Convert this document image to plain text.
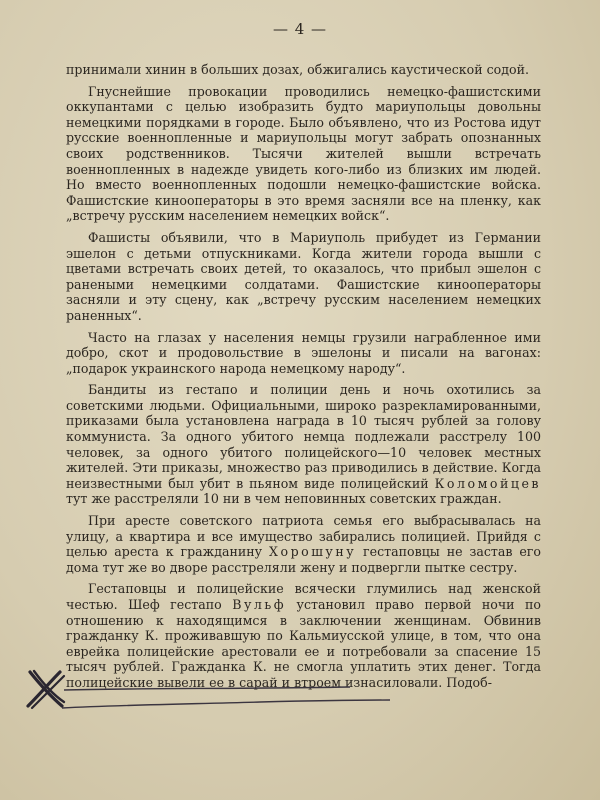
— 4 —

принимали хинин в больших дозах, обжигались каустической содой.

Гнуснейшие провокации проводились немецко-фашистскими оккупантами с целью изобразить будто мариупольцы довольны немецкими порядками в городе. Было объявлено, что из Ростова идут русские военнопленные и мариупольцы могут забрать опознанных своих родственников. Тысячи жителей вышли встречать военнопленных в надежде увидеть кого-либо из близких им людей. Но вместо военнопленных подошли немецко-фашистские войска. Фашистские кинооператоры в это время засняли все на пленку, как „встречу русским населением немецких войск“.

Фашисты объявили, что в Мариуполь прибудет из Германии эшелон с детьми отпускниками. Когда жители города вышли с цветами встречать своих детей, то оказалось, что прибыл эшелон с ранеными немецкими солдатами. Фашистские кинооператоры засняли и эту сцену, как „встречу русским населением немецких раненных“.

Часто на глазах у населения немцы грузили награбленное ими добро, скот и продовольствие в эшелоны и писали на вагонах: „подарок украинского народа немецкому народу“.

Бандиты из гестапо и полиции день и ночь охотились за советскими людьми. Официальными, широко разрекламированными, приказами была установлена награда в 10 тысяч рублей за голову коммуниста. За одного убитого немца подлежали расстрелу 100 человек, за одного убитого полицейского—10 человек местных жителей. Эти приказы, множество раз приводились в действие. Когда неизвестными был убит в пьяном виде полицейский Коломойцев тут же расстреляли 10 ни в чем неповинных советских граждан.

При аресте советского патриота семья его выбрасывалась на улицу, а квартира и все имущество забирались полицией. Прийдя с целью ареста к гражданину Хорошуну гестаповцы не застав его дома тут же во дворе расстреляли жену и подвергли пытке сестру.

Гестаповцы и полицейские всячески глумились над женской честью. Шеф гестапо Вульф установил право первой ночи по отношению к находящимся в заключении женщинам. Обвинив гражданку К. проживавшую по Кальмиусской улице, в том, что она еврейка полицейские арестовали ее и потребовали за спасение 15 тысяч рублей. Гражданка К. не смогла уплатить этих денег. Тогда полицейские вывели ее в сарай и втроем изнасиловали. Подоб-
